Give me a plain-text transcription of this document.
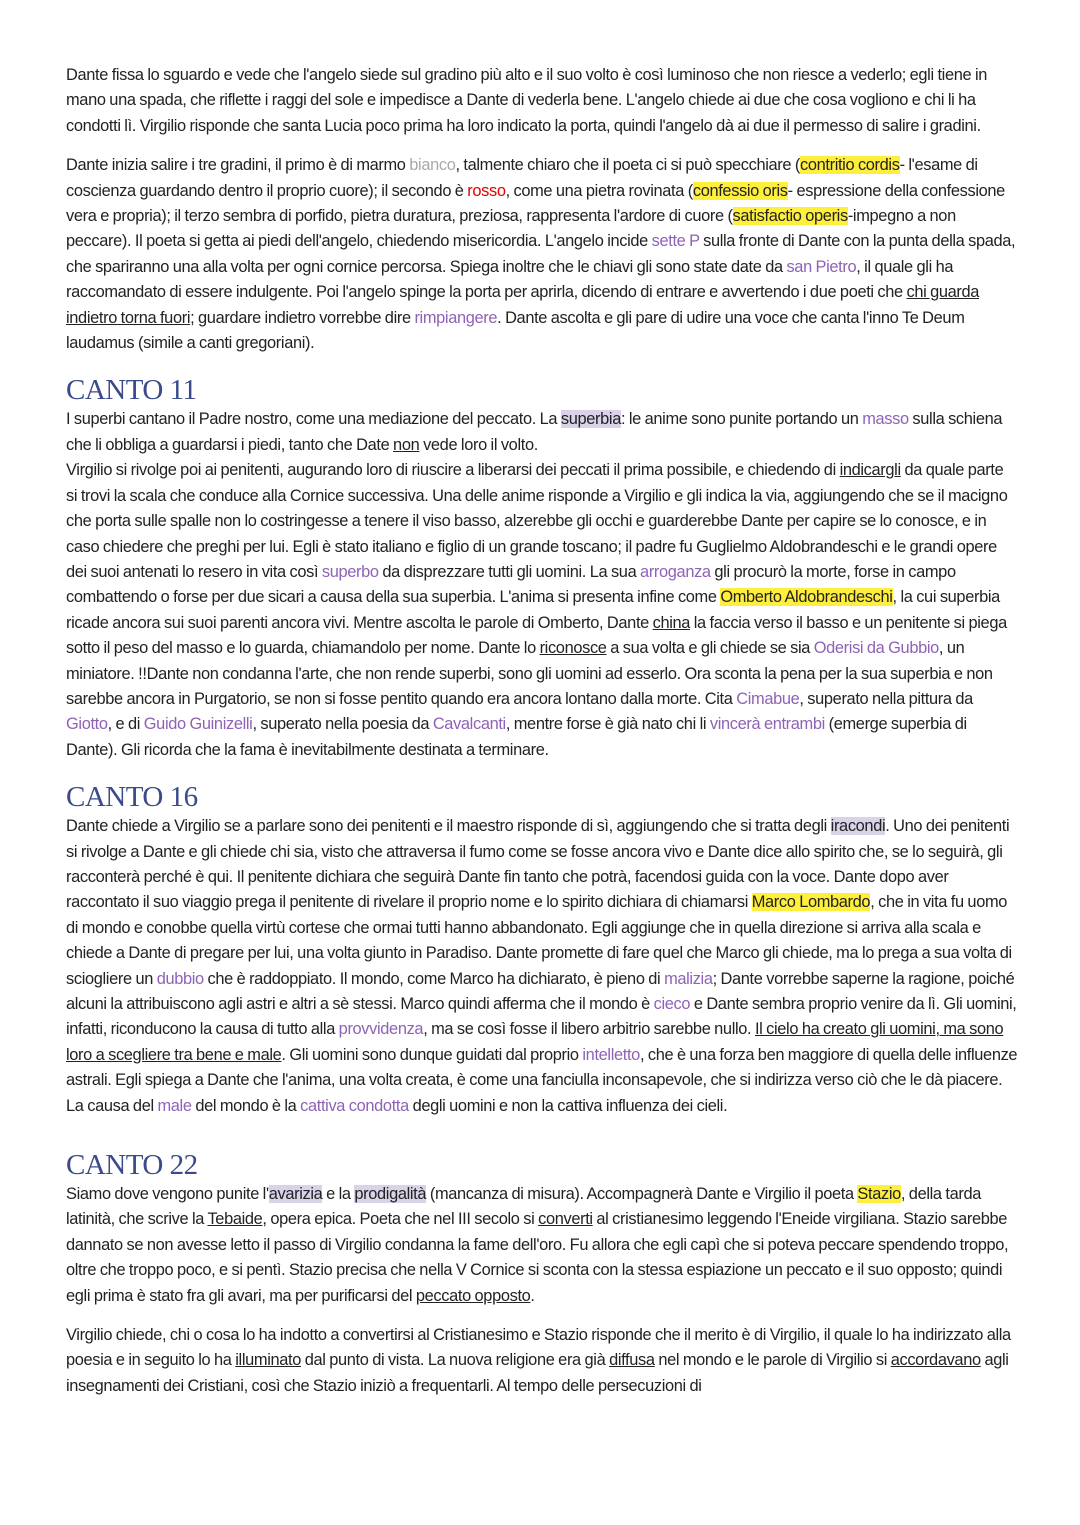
Dante fissa lo sguardo e vede che l'angelo siede sul gradino più alto e il suo volto è così luminoso che non riesce a vederlo; egli tiene in mano una spada, che riflette i raggi del sole e impedisce a Dante di vederla bene. L'angelo chiede ai due che cosa vogliono e chi li ha condotti lì. Virgilio risponde che santa Lucia poco prima ha loro indicato la porta, quindi l'angelo dà ai due il permesso di salire i gradini.

Dante inizia salire i tre gradini, il primo è di marmo bianco, talmente chiaro che il poeta ci si può specchiare (contritio cordis- l'esame di coscienza guardando dentro il proprio cuore); il secondo è rosso, come una pietra rovinata (confessio oris- espressione della confessione vera e propria); il terzo sembra di porfido, pietra duratura, preziosa, rappresenta l'ardore di cuore (satisfactio operis-impegno a non peccare). Il poeta si getta ai piedi dell'angelo, chiedendo misericordia. L'angelo incide sette P sulla fronte di Dante con la punta della spada, che spariranno una alla volta per ogni cornice percorsa. Spiega inoltre che le chiavi gli sono state date da san Pietro, il quale gli ha raccomandato di essere indulgente. Poi l'angelo spinge la porta per aprirla, dicendo di entrare e avvertendo i due poeti che chi guarda indietro torna fuori; guardare indietro vorrebbe dire rimpiangere. Dante ascolta e gli pare di udire una voce che canta l'inno Te Deum laudamus (simile a canti gregoriani).

CANTO 11

I superbi cantano il Padre nostro, come una mediazione del peccato. La superbia: le anime sono punite portando un masso sulla schiena che li obbliga a guardarsi i piedi, tanto che Date non vede loro il volto.
Virgilio si rivolge poi ai penitenti, augurando loro di riuscire a liberarsi dei peccati il prima possibile, e chiedendo di indicargli da quale parte si trovi la scala che conduce alla Cornice successiva. Una delle anime risponde a Virgilio e gli indica la via, aggiungendo che se il macigno che porta sulle spalle non lo costringesse a tenere il viso basso, alzerebbe gli occhi e guarderebbe Dante per capire se lo conosce, e in caso chiedere che preghi per lui. Egli è stato italiano e figlio di un grande toscano; il padre fu Guglielmo Aldobrandeschi e le grandi opere dei suoi antenati lo resero in vita così superbo da disprezzare tutti gli uomini. La sua arroganza gli procurò la morte, forse in campo combattendo o forse per due sicari a causa della sua superbia. L'anima si presenta infine come Omberto Aldobrandeschi, la cui superbia ricade ancora sui suoi parenti ancora vivi. Mentre ascolta le parole di Omberto, Dante china la faccia verso il basso e un penitente si piega sotto il peso del masso e lo guarda, chiamandolo per nome. Dante lo riconosce a sua volta e gli chiede se sia Oderisi da Gubbio, un miniatore. !!Dante non condanna l'arte, che non rende superbi, sono gli uomini ad esserlo. Ora sconta la pena per la sua superbia e non sarebbe ancora in Purgatorio, se non si fosse pentito quando era ancora lontano dalla morte. Cita Cimabue, superato nella pittura da Giotto, e di Guido Guinizelli, superato nella poesia da Cavalcanti, mentre forse è già nato chi li vincerà entrambi (emerge superbia di Dante). Gli ricorda che la fama è inevitabilmente destinata a terminare.

CANTO 16

Dante chiede a Virgilio se a parlare sono dei penitenti e il maestro risponde di sì, aggiungendo che si tratta degli iracondi. Uno dei penitenti si rivolge a Dante e gli chiede chi sia, visto che attraversa il fumo come se fosse ancora vivo e Dante dice allo spirito che, se lo seguirà, gli racconterà perché è qui. Il penitente dichiara che seguirà Dante fin tanto che potrà, facendosi guida con la voce. Dante dopo aver raccontato il suo viaggio prega il penitente di rivelare il proprio nome e lo spirito dichiara di chiamarsi Marco Lombardo, che in vita fu uomo di mondo e conobbe quella virtù cortese che ormai tutti hanno abbandonato. Egli aggiunge che in quella direzione si arriva alla scala e chiede a Dante di pregare per lui, una volta giunto in Paradiso. Dante promette di fare quel che Marco gli chiede, ma lo prega a sua volta di sciogliere un dubbio che è raddoppiato. Il mondo, come Marco ha dichiarato, è pieno di malizia; Dante vorrebbe saperne la ragione, poiché alcuni la attribuiscono agli astri e altri a sè stessi. Marco quindi afferma che il mondo è cieco e Dante sembra proprio venire da lì. Gli uomini, infatti, riconducono la causa di tutto alla provvidenza, ma se così fosse il libero arbitrio sarebbe nullo. Il cielo ha creato gli uomini, ma sono loro a scegliere tra bene e male. Gli uomini sono dunque guidati dal proprio intelletto, che è una forza ben maggiore di quella delle influenze astrali. Egli spiega a Dante che l'anima, una volta creata, è come una fanciulla inconsapevole, che si indirizza verso ciò che le dà piacere. La causa del male del mondo è la cattiva condotta degli uomini e non la cattiva influenza dei cieli.

CANTO 22

Siamo dove vengono punite l'avarizia e la prodigalità (mancanza di misura). Accompagnerà Dante e Virgilio il poeta Stazio, della tarda latinità, che scrive la Tebaide, opera epica. Poeta che nel III secolo si converti al cristianesimo leggendo l'Eneide virgiliana. Stazio sarebbe dannato se non avesse letto il passo di Virgilio condanna la fame dell'oro. Fu allora che egli capì che si poteva peccare spendendo troppo, oltre che troppo poco, e si pentì. Stazio precisa che nella V Cornice si sconta con la stessa espiazione un peccato e il suo opposto; quindi egli prima è stato fra gli avari, ma per purificarsi del peccato opposto.

Virgilio chiede, chi o cosa lo ha indotto a convertirsi al Cristianesimo e Stazio risponde che il merito è di Virgilio, il quale lo ha indirizzato alla poesia e in seguito lo ha illuminato dal punto di vista. La nuova religione era già diffusa nel mondo e le parole di Virgilio si accordavano agli insegnamenti dei Cristiani, così che Stazio iniziò a frequentarli. Al tempo delle persecuzioni di
